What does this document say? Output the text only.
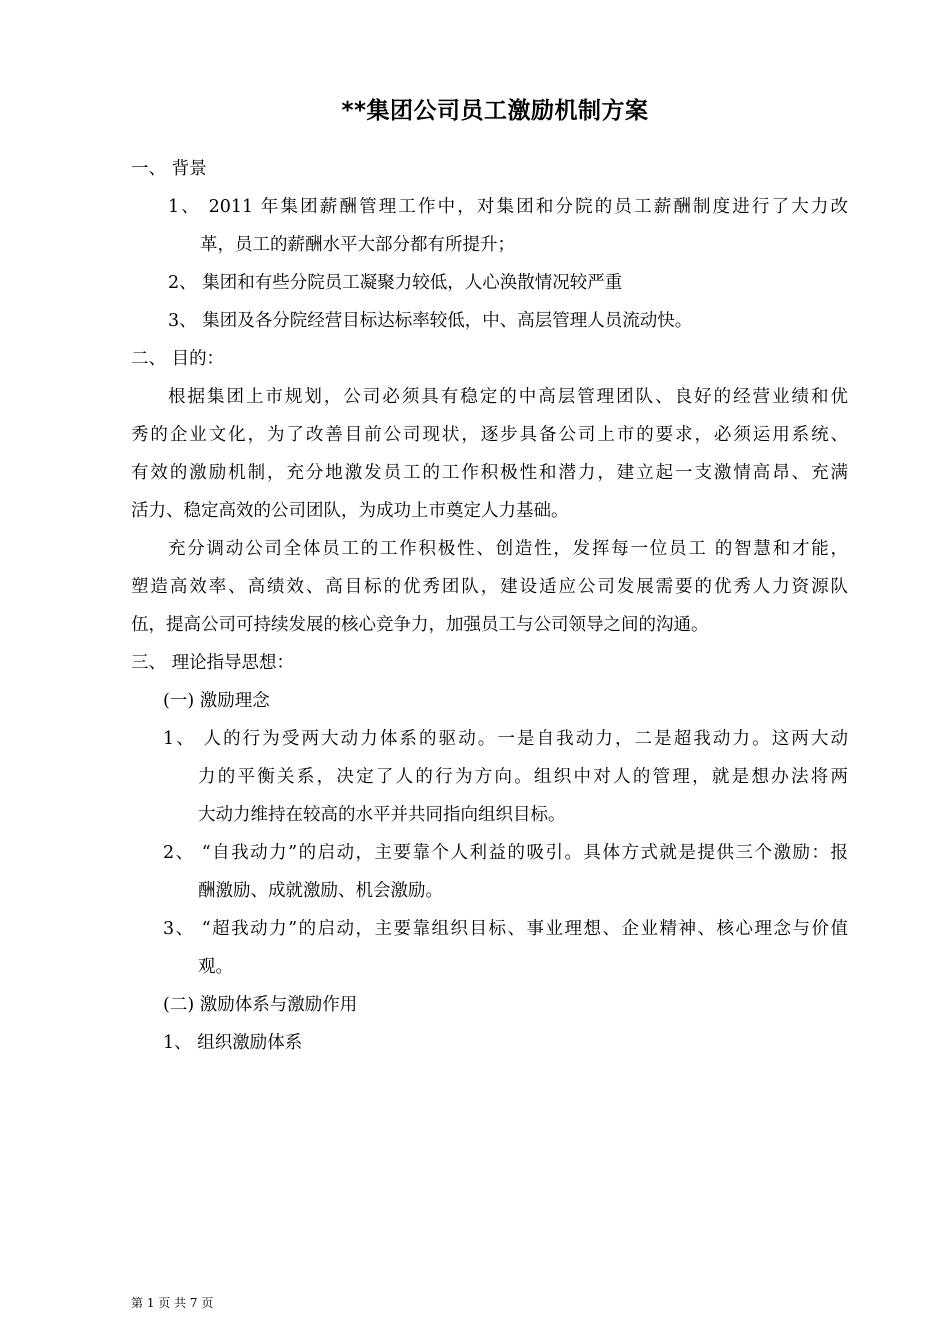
**集团公司员工激励机制方案
一、 背景
1、 2011 年集团薪酬管理工作中，对集团和分院的员工薪酬制度进行了大力改
革，员工的薪酬水平大部分都有所提升；
2、 集团和有些分院员工凝聚力较低，人心涣散情况较严重
3、 集团及各分院经营目标达标率较低，中、高层管理人员流动快。
二、 目的：
根据集团上市规划，公司必须具有稳定的中高层管理团队、良好的经营业绩和优
秀的企业文化，为了改善目前公司现状，逐步具备公司上市的要求，必须运用系统、
有效的激励机制，充分地激发员工的工作积极性和潜力，建立起一支激情高昂、充满
活力、稳定高效的公司团队，为成功上市奠定人力基础。
充分调动公司全体员工的工作积极性、创造性，发挥每一位员工 的智慧和才能，
塑造高效率、高绩效、高目标的优秀团队，建设适应公司发展需要的优秀人力资源队
伍，提高公司可持续发展的核心竞争力，加强员工与公司领导之间的沟通。
三、 理论指导思想：
(一) 激励理念
1、 人的行为受两大动力体系的驱动。一是自我动力，二是超我动力。这两大动
力的平衡关系，决定了人的行为方向。组织中对人的管理，就是想办法将两
大动力维持在较高的水平并共同指向组织目标。
2、 “自我动力”的启动，主要靠个人利益的吸引。具体方式就是提供三个激励：报
酬激励、成就激励、机会激励。
3、 “超我动力”的启动，主要靠组织目标、事业理想、企业精神、核心理念与价值
观。
(二) 激励体系与激励作用
1、 组织激励体系
第 1 页 共 7 页
